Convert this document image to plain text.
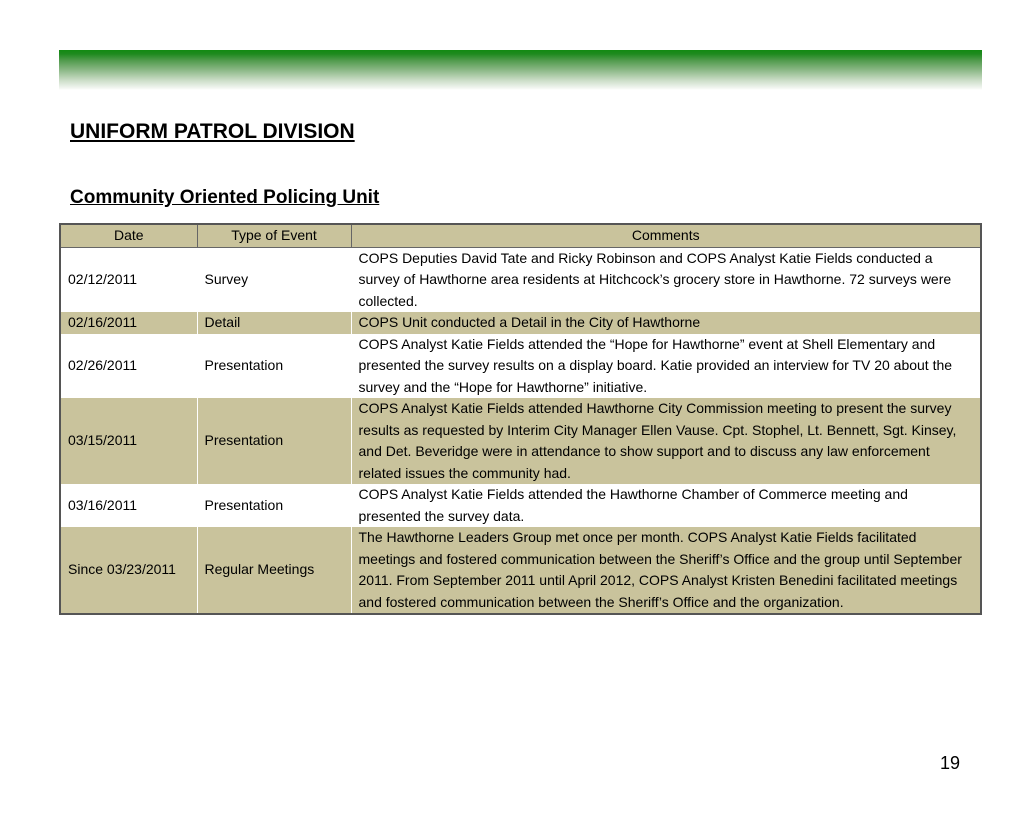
UNIFORM PATROL DIVISION
Community Oriented Policing Unit
Date	Type of Event	Comments
02/12/2011	Survey	COPS Deputies David Tate and Ricky Robinson and COPS Analyst Katie Fields conducted a survey of Hawthorne area residents at Hitchcock’s grocery store in Hawthorne. 72 surveys were collected.
02/16/2011	Detail	COPS Unit conducted a Detail in the City of Hawthorne
02/26/2011	Presentation	COPS Analyst Katie Fields attended the “Hope for Hawthorne” event at Shell Elementary and presented the survey results on a display board. Katie provided an interview for TV 20 about the survey and the “Hope for Hawthorne” initiative.
03/15/2011	Presentation	COPS Analyst Katie Fields attended Hawthorne City Commission meeting to present the survey results as requested by Interim City Manager Ellen Vause. Cpt. Stophel, Lt. Bennett, Sgt. Kinsey, and Det. Beveridge were in attendance to show support and to discuss any law enforcement related issues the community had.
03/16/2011	Presentation	COPS Analyst Katie Fields attended the Hawthorne Chamber of Commerce meeting and presented the survey data.
Since 03/23/2011	Regular Meetings	The Hawthorne Leaders Group met once per month. COPS Analyst Katie Fields facilitated meetings and fostered communication between the Sheriff’s Office and the group until September 2011. From September 2011 until April 2012, COPS Analyst Kristen Benedini facilitated meetings and fostered communication between the Sheriff’s Office and the organization.
19
